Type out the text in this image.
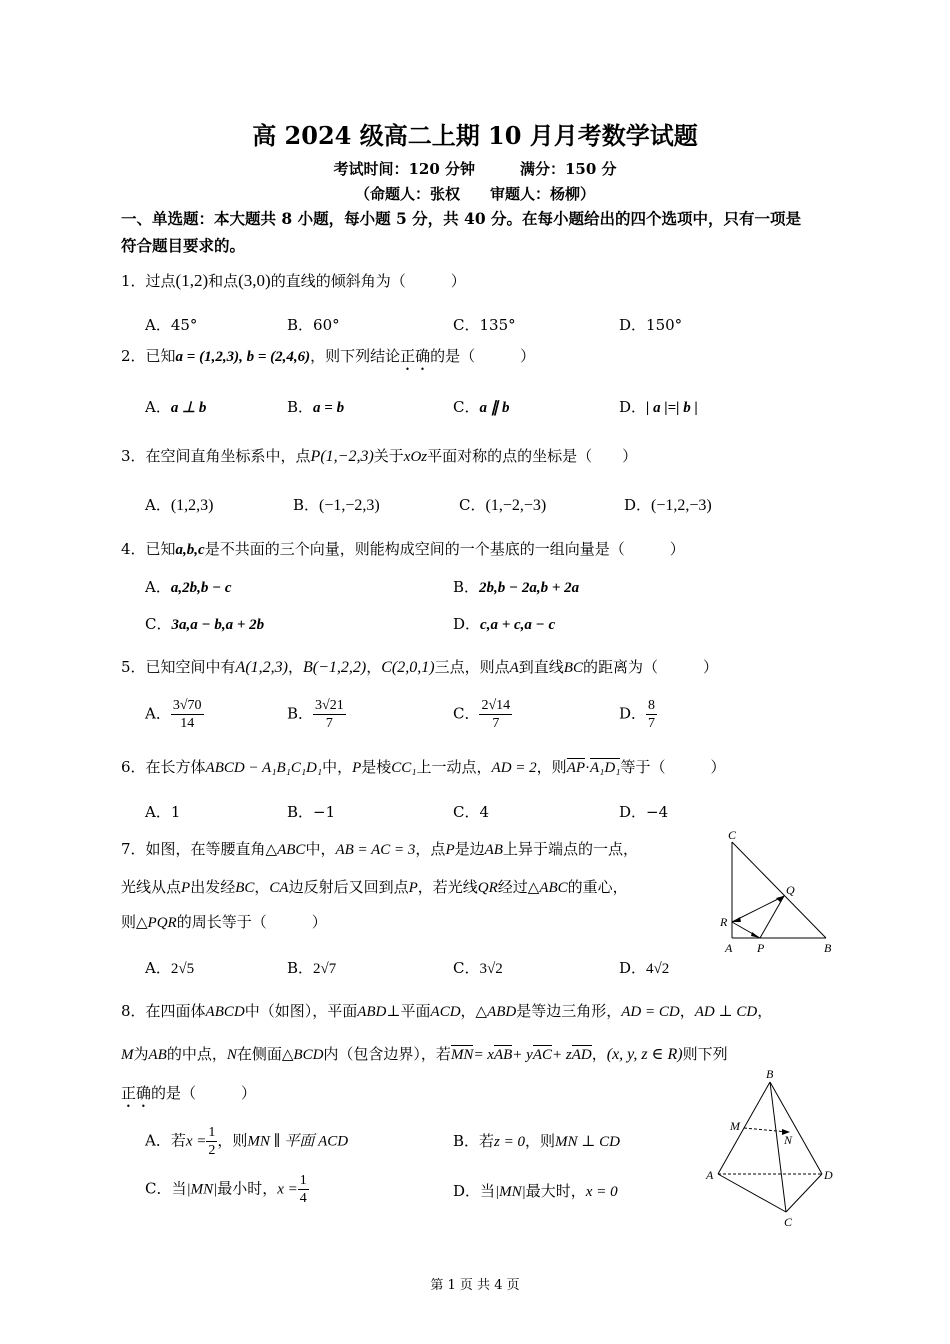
高 2024 级高二上期 10 月月考数学试题
考试时间：120 分钟　　　满分：150 分
（命题人：张权　　审题人：杨柳）
一、单选题：本大题共 8 小题，每小题 5 分，共 40 分。在每小题给出的四个选项中，只有一项是
符合题目要求的。
1．过点(1,2)和点(3,0)的直线的倾斜角为（　　　）
A．45°	B．60°	C．135°	D．150°
2．已知a = (1,2,3), b = (2,4,6)，则下列结论正确的是（　　　）
A．a ⊥ b	B．a = b	C．a ∥ b	D．| a |=| b |
3．在空间直角坐标系中，点P(1,−2,3)关于xOz平面对称的点的坐标是（　　）
A．(1,2,3)	B．(−1,−2,3)	C．(1,−2,−3)	D．(−1,2,−3)
4．已知a,b,c是不共面的三个向量，则能构成空间的一个基底的一组向量是（　　　）
A．a,2b,b − c	B．2b,b − 2a,b + 2a
C．3a,a − b,a + 2b	D．c,a + c,a − c
5．已知空间中有A(1,2,3)，B(−1,2,2)，C(2,0,1)三点，则点A到直线BC的距离为（　　　）
A． $\frac{3√70}{14}$	B． $\frac{3√21}{7}$	C． $\frac{2√14}{7}$	D． $\frac{8}{7}$
6．在长方体ABCD − A₁B₁C₁D₁中，P是棱CC₁上一动点，AD = 2，则AP·A₁D₁等于（　　　）
A．1	B．−1	C．4	D．−4
7．如图，在等腰直角△ABC中，AB = AC = 3，点P是边AB上异于端点的一点，
光线从点P出发经BC，CA边反射后又回到点P，若光线QR经过△ABC的重心，
则△PQR的周长等于（　　　）
A．2√5	B．2√7	C．3√2	D．4√2
C
Q
R
A P	B
8．在四面体ABCD中（如图），平面ABD⊥平面ACD，△ABD是等边三角形，AD = CD，AD ⊥ CD，
M为AB的中点，N在侧面△BCD内（包含边界），若MN= xAB+ yAC+ zAD，(x, y, z ∈ R)则下列
正确的是（　　　）
A．若$x = \frac{1}{2}$ ，则MN ∥ 平面 ACD	B．若z = 0，则MN ⊥ CD
C．当|MN|最小时，$x = \frac{1}{4}$	D．当|MN|最大时，x = 0
B
M
N
A	D
C
第 1 页 共 4 页
